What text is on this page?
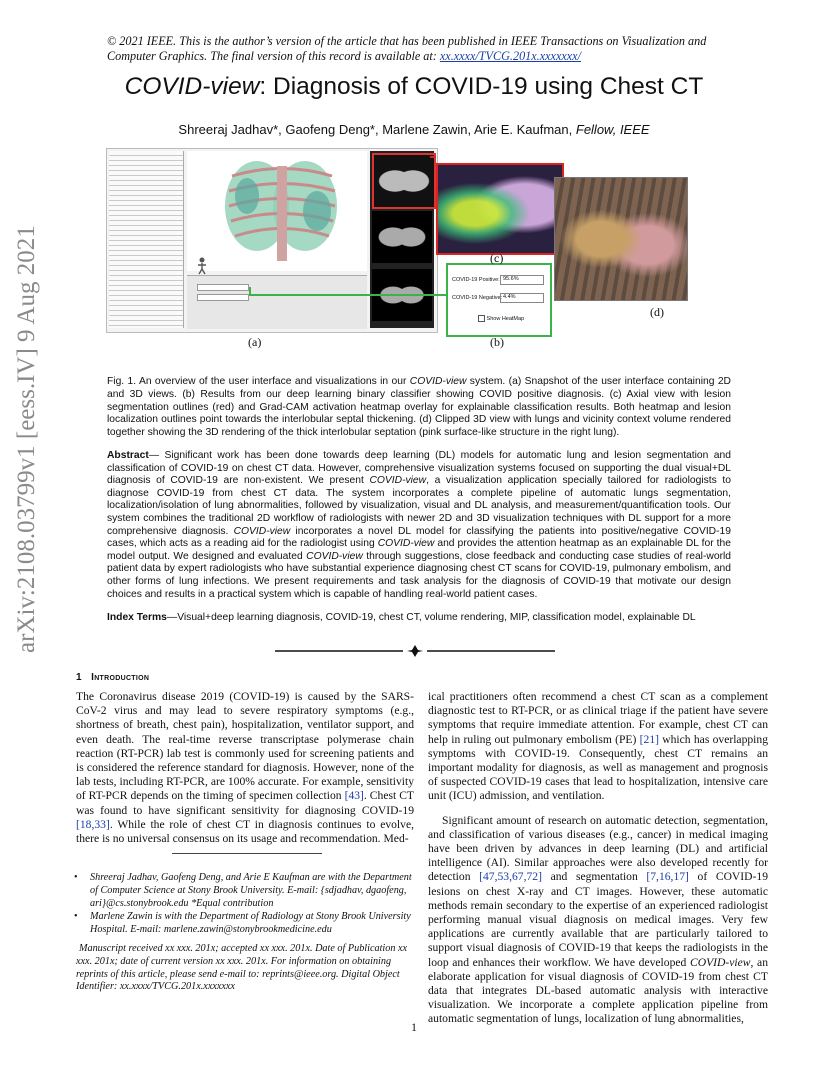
arXiv:2108.03799v1 [eess.IV] 9 Aug 2021
© 2021 IEEE. This is the author’s version of the article that has been published in IEEE Transactions on Visualization and Computer Graphics. The final version of this record is available at: xx.xxxx/TVCG.201x.xxxxxxx/
COVID-view: Diagnosis of COVID-19 using Chest CT
Shreeraj Jadhav*, Gaofeng Deng*, Marlene Zawin, Arie E. Kaufman, Fellow, IEEE
COVID-19 Positive: 95.6%
COVID-19 Negative: 4.4%
Show HeatMap
(a)	(b)
(c)
(d)
Fig. 1. An overview of the user interface and visualizations in our COVID-view system. (a) Snapshot of the user interface containing 2D and 3D views. (b) Results from our deep learning binary classifier showing COVID positive diagnosis. (c) Axial view with lesion segmentation outlines (red) and Grad-CAM activation heatmap overlay for explainable classification results. Both heatmap and lesion localization outlines point towards the interlobular septal thickening. (d) Clipped 3D view with lungs and vicinity context volume rendered together showing the 3D rendering of the thick interlobular septation (pink surface-like structure in the right lung).
Abstract— Significant work has been done towards deep learning (DL) models for automatic lung and lesion segmentation and classification of COVID-19 on chest CT data. However, comprehensive visualization systems focused on supporting the dual visual+DL diagnosis of COVID-19 are non-existent. We present COVID-view, a visualization application specially tailored for radiologists to diagnose COVID-19 from chest CT data. The system incorporates a complete pipeline of automatic lungs segmentation, localization/isolation of lung abnormalities, followed by visualization, visual and DL analysis, and measurement/quantification tools. Our system combines the traditional 2D workflow of radiologists with newer 2D and 3D visualization techniques with DL support for a more comprehensive diagnosis. COVID-view incorporates a novel DL model for classifying the patients into positive/negative COVID-19 cases, which acts as a reading aid for the radiologist using COVID-view and provides the attention heatmap as an explainable DL for the model output. We designed and evaluated COVID-view through suggestions, close feedback and conducting case studies of real-world patient data by expert radiologists who have substantial experience diagnosing chest CT scans for COVID-19, pulmonary embolism, and other forms of lung infections. We present requirements and task analysis for the diagnosis of COVID-19 that motivate our design choices and results in a practical system which is capable of handling real-world patient cases.
Index Terms—Visual+deep learning diagnosis, COVID-19, chest CT, volume rendering, MIP, classification model, explainable DL
1 Introduction
The Coronavirus disease 2019 (COVID-19) is caused by the SARS-CoV-2 virus and may lead to severe respiratory symptoms (e.g., shortness of breath, chest pain), hospitalization, ventilator support, and even death. The real-time reverse transcriptase polymerase chain reaction (RT-PCR) lab test is commonly used for screening patients and is considered the reference standard for diagnosis. However, none of the lab tests, including RT-PCR, are 100% accurate. For example, sensitivity of RT-PCR depends on the timing of specimen collection [43]. Chest CT was found to have significant sensitivity for diagnosing COVID-19 [18,33]. While the role of chest CT in diagnosis continues to evolve, there is no universal consensus on its usage and recommendation. Med-
ical practitioners often recommend a chest CT scan as a complement diagnostic test to RT-PCR, or as clinical triage if the patient have severe symptoms that require immediate attention. For example, chest CT can help in ruling out pulmonary embolism (PE) [21] which has overlapping symptoms with COVID-19. Consequently, chest CT remains an important modality for diagnosis, as well as management and prognosis of suspected COVID-19 cases that lead to hospitalization, intensive care unit (ICU) admission, and ventilation.
Significant amount of research on automatic detection, segmentation, and classification of various diseases (e.g., cancer) in medical imaging have been driven by advances in deep learning (DL) and artificial intelligence (AI). Similar approaches were also developed recently for detection [47,53,67,72] and segmentation [7,16,17] of COVID-19 lesions on chest X-ray and CT images. However, these automatic methods remain secondary to the expertise of an experienced radiologist performing manual visual diagnosis on medical images. Very few applications are currently available that are particularly tailored to support visual diagnosis of COVID-19 that keeps the radiologists in the loop and enhances their workflow. We have developed COVID-view, an elaborate application for visual diagnosis of COVID-19 from chest CT data that integrates DL-based automatic analysis with interactive visualization. We incorporate a complete application pipeline from automatic segmentation of lungs, localization of lung abnormalities,
• Shreeraj Jadhav, Gaofeng Deng, and Arie E Kaufman are with the Department of Computer Science at Stony Brook University. E-mail: {sdjadhav, dgaofeng, ari}@cs.stonybrook.edu *Equal contribution
• Marlene Zawin is with the Department of Radiology at Stony Brook University Hospital. E-mail: marlene.zawin@stonybrookmedicine.edu
Manuscript received xx xxx. 201x; accepted xx xxx. 201x. Date of Publication xx xxx. 201x; date of current version xx xxx. 201x. For information on obtaining reprints of this article, please send e-mail to: reprints@ieee.org. Digital Object Identifier: xx.xxxx/TVCG.201x.xxxxxxx
1
